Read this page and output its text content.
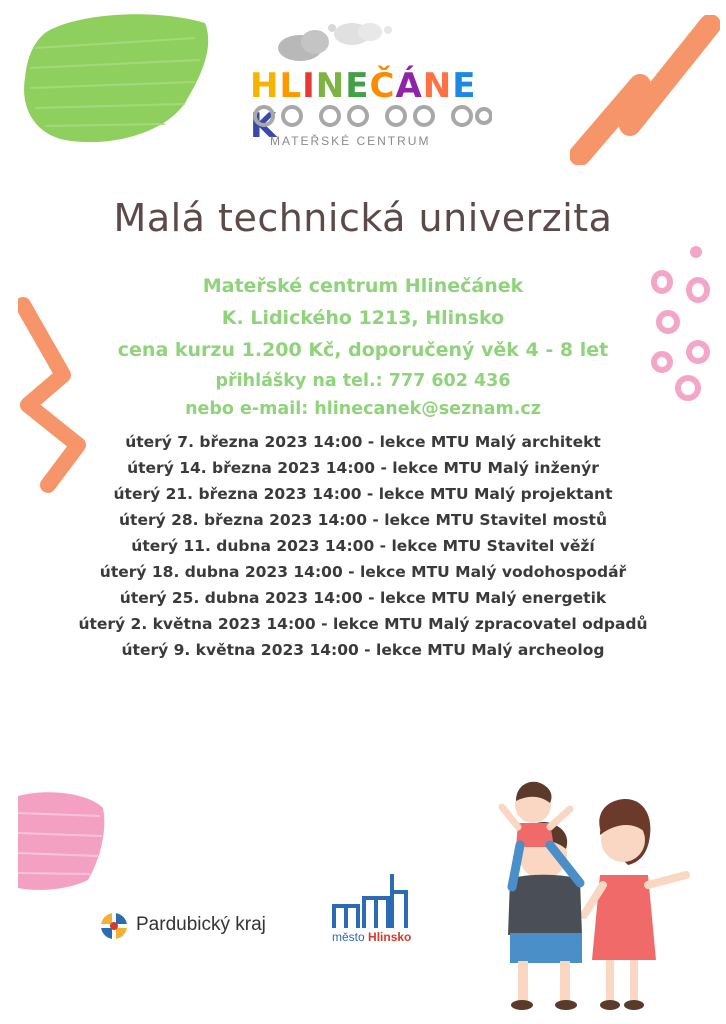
HLINEČÁNEK
MATEŘSKÉ CENTRUM
Malá technická univerzita
Mateřské centrum Hlinečánek
K. Lidického 1213, Hlinsko
cena kurzu 1.200 Kč, doporučený věk 4 - 8 let
přihlášky na tel.: 777 602 436
nebo e-mail: hlinecanek@seznam.cz
úterý 7. března 2023 14:00 - lekce MTU Malý architekt
úterý 14. března 2023 14:00 - lekce MTU Malý inženýr
úterý 21. března 2023 14:00 - lekce MTU Malý projektant
úterý 28. března 2023 14:00 - lekce MTU Stavitel mostů
úterý 11. dubna 2023 14:00 - lekce MTU Stavitel věží
úterý 18. dubna 2023 14:00 - lekce MTU Malý vodohospodář
úterý 25. dubna 2023 14:00 - lekce MTU Malý energetik
úterý 2. května 2023 14:00 - lekce MTU Malý zpracovatel odpadů
úterý 9. května 2023 14:00 - lekce MTU Malý archeolog
Pardubický kraj
město Hlinsko
